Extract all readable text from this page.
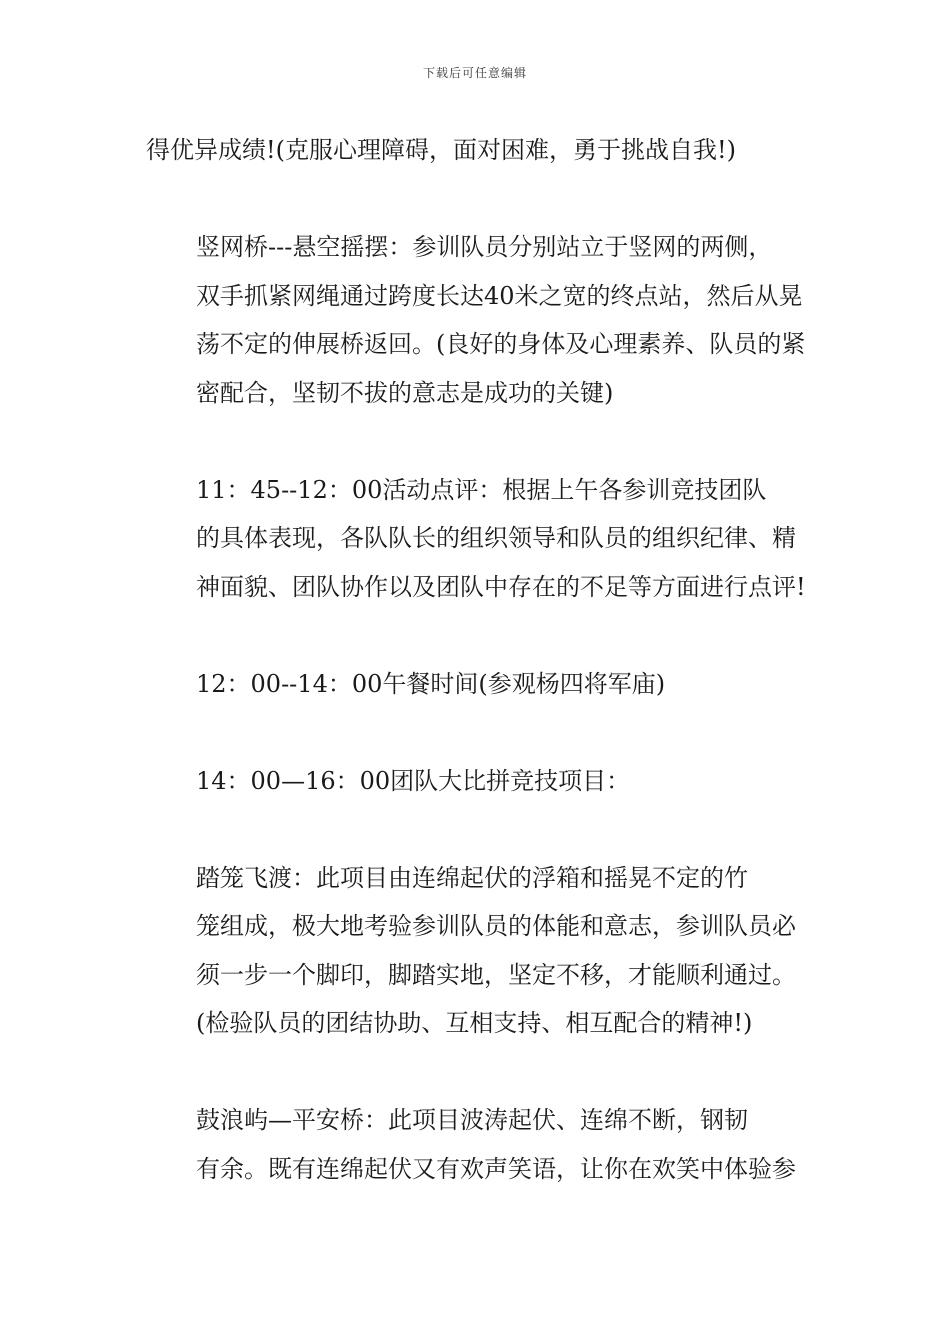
下载后可任意编辑

得优异成绩!(克服心理障碍，面对困难，勇于挑战自我!)

竖网桥---悬空摇摆：参训队员分别站立于竖网的两侧，
双手抓紧网绳通过跨度长达40米之宽的终点站，然后从晃
荡不定的伸展桥返回。(良好的身体及心理素养、队员的紧
密配合，坚韧不拔的意志是成功的关键)

11：45--12：00活动点评：根据上午各参训竞技团队
的具体表现，各队队长的组织领导和队员的组织纪律、精
神面貌、团队协作以及团队中存在的不足等方面进行点评!

12：00--14：00午餐时间(参观杨四将军庙)

14：00—16：00团队大比拼竞技项目：

踏笼飞渡：此项目由连绵起伏的浮箱和摇晃不定的竹
笼组成，极大地考验参训队员的体能和意志，参训队员必
须一步一个脚印，脚踏实地，坚定不移，才能顺利通过。
(检验队员的团结协助、互相支持、相互配合的精神!)

鼓浪屿—平安桥：此项目波涛起伏、连绵不断，钢韧
有余。既有连绵起伏又有欢声笑语，让你在欢笑中体验参
